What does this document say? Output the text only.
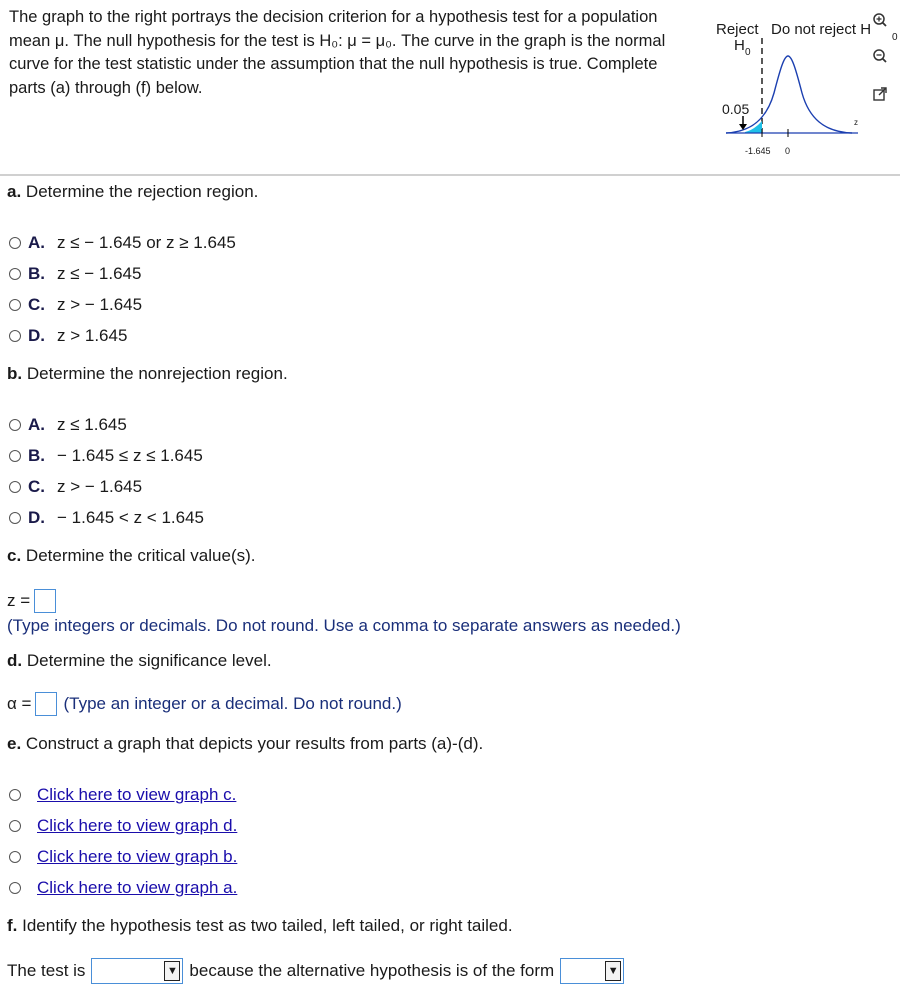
The graph to the right portrays the decision criterion for a hypothesis test for a population mean μ. The null hypothesis for the test is H₀: μ = μ₀. The curve in the graph is the normal curve for the test statistic under the assumption that the null hypothesis is true. Complete parts (a) through (f) below.
Reject
H 0
Do not reject H 0
0.05
-1.645 0
z
a. Determine the rejection region.
A. z ≤ − 1.645 or z ≥ 1.645
B. z ≤ − 1.645
C. z > − 1.645
D. z > 1.645
b. Determine the nonrejection region.
A. z ≤ 1.645
B. − 1.645 ≤ z ≤ 1.645
C. z > − 1.645
D. − 1.645 < z < 1.645
c. Determine the critical value(s).
z =
(Type integers or decimals. Do not round. Use a comma to separate answers as needed.)
d. Determine the significance level.
α = (Type an integer or a decimal. Do not round.)
e. Construct a graph that depicts your results from parts (a)-(d).
Click here to view graph c.
Click here to view graph d.
Click here to view graph b.
Click here to view graph a.
f. Identify the hypothesis test as two tailed, left tailed, or right tailed.
The test is	▼ because the alternative hypothesis is of the form	▼
